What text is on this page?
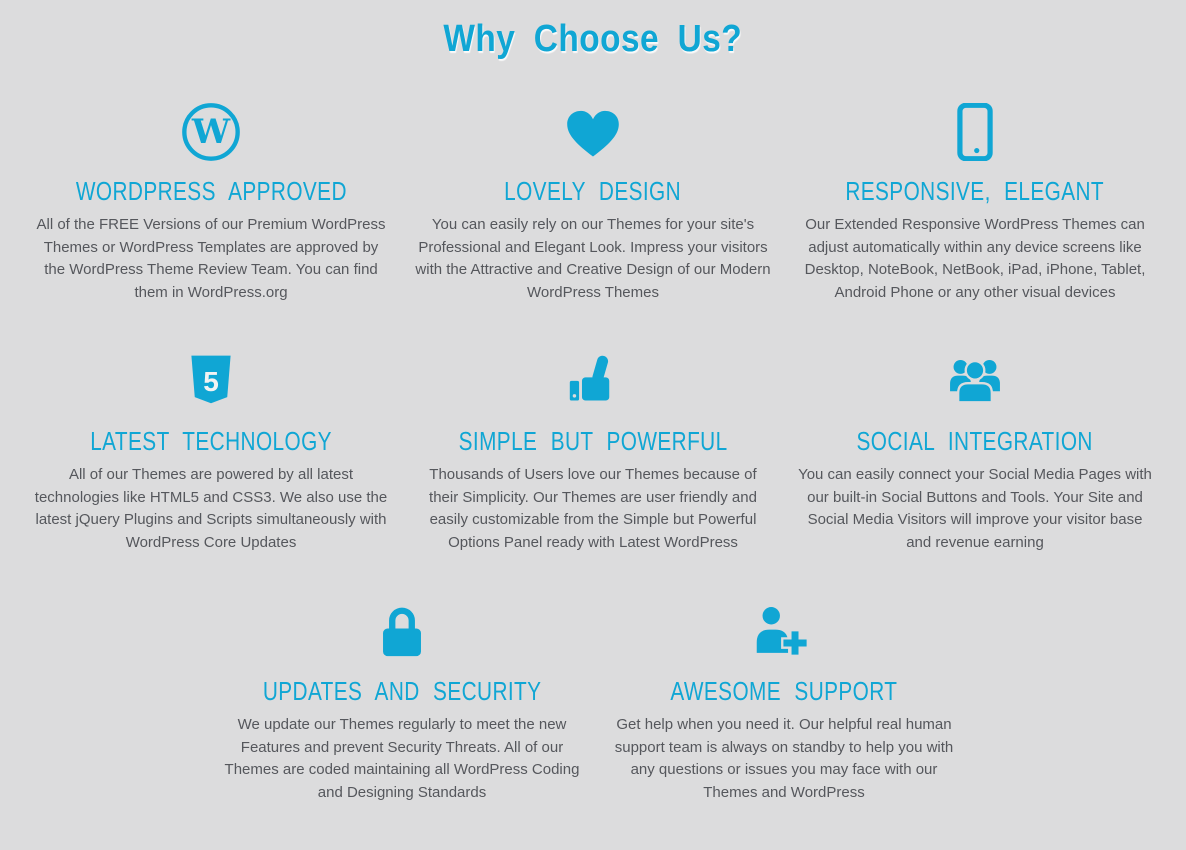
Why Choose Us?
W
WORDPRESS APPROVED

All of the FREE Versions of our Premium WordPress Themes or WordPress Templates are approved by the WordPress Theme Review Team. You can find them in WordPress.org

LOVELY DESIGN

You can easily rely on our Themes for your site's Professional and Elegant Look. Impress your visitors with the Attractive and Creative Design of our Modern WordPress Themes

RESPONSIVE, ELEGANT

Our Extended Responsive WordPress Themes can adjust automatically within any device screens like Desktop, NoteBook, NetBook, iPad, iPhone, Tablet, Android Phone or any other visual devices

5
LATEST TECHNOLOGY

All of our Themes are powered by all latest technologies like HTML5 and CSS3. We also use the latest jQuery Plugins and Scripts simultaneously with WordPress Core Updates

SIMPLE BUT POWERFUL

Thousands of Users love our Themes because of their Simplicity. Our Themes are user friendly and easily customizable from the Simple but Powerful Options Panel ready with Latest WordPress

SOCIAL INTEGRATION

You can easily connect your Social Media Pages with our built-in Social Buttons and Tools. Your Site and Social Media Visitors will improve your visitor base and revenue earning

UPDATES AND SECURITY

We update our Themes regularly to meet the new Features and prevent Security Threats. All of our Themes are coded maintaining all WordPress Coding and Designing Standards

AWESOME SUPPORT

Get help when you need it. Our helpful real human support team is always on standby to help you with any questions or issues you may face with our Themes and WordPress
